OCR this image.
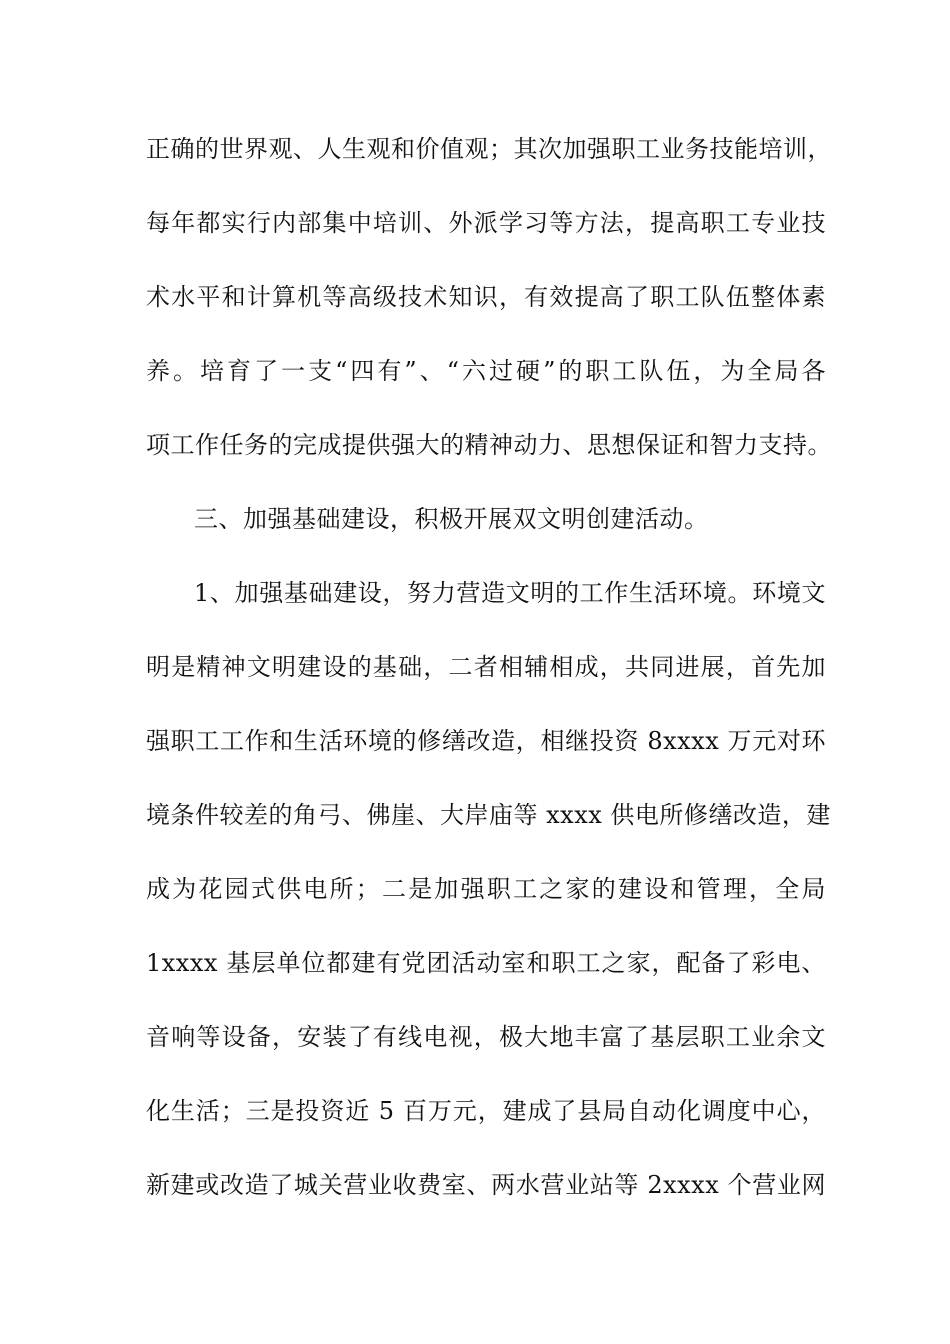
正确的世界观、人生观和价值观；其次加强职工业务技能培训，
每年都实行内部集中培训、外派学习等方法，提高职工专业技
术水平和计算机等高级技术知识，有效提高了职工队伍整体素
养。培育了一支“四有”、“六过硬”的职工队伍，为全局各
项工作任务的完成提供强大的精神动力、思想保证和智力支持。
三、加强基础建设，积极开展双文明创建活动。
1、加强基础建设，努力营造文明的工作生活环境。环境文
明是精神文明建设的基础，二者相辅相成，共同进展，首先加
强职工工作和生活环境的修缮改造，相继投资 8xxxx 万元对环
境条件较差的角弓、佛崖、大岸庙等 xxxx 供电所修缮改造，建
成为花园式供电所；二是加强职工之家的建设和管理，全局
1xxxx 基层单位都建有党团活动室和职工之家，配备了彩电、
音响等设备，安装了有线电视，极大地丰富了基层职工业余文
化生活；三是投资近 5 百万元，建成了县局自动化调度中心，
新建或改造了城关营业收费室、两水营业站等 2xxxx 个营业网
